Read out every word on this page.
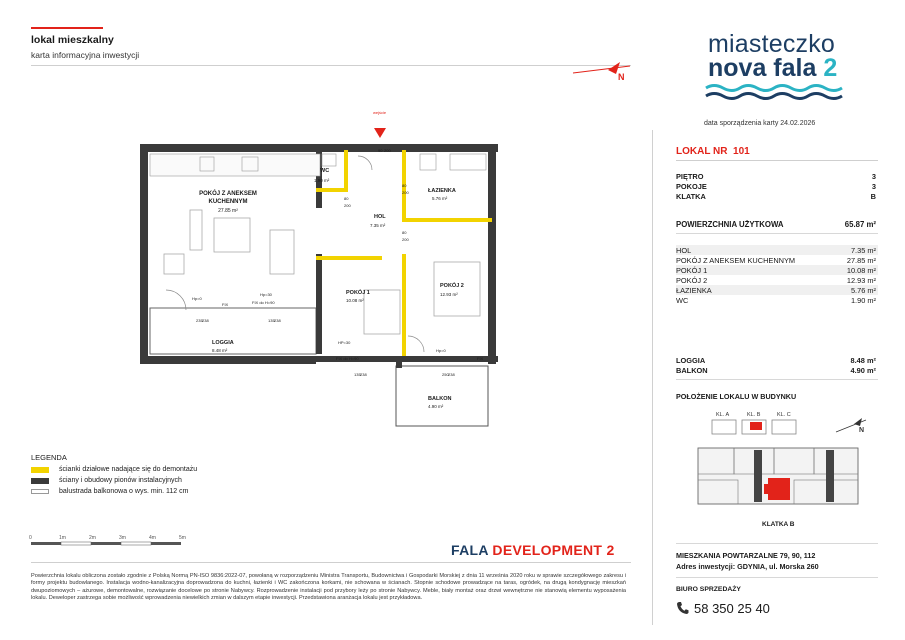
lokal mieszkalny
karta informacyjna inwestycji
N
miasteczko
nova fala 2
data sporządzenia karty 24.02.2026
LOKAL NR 101
PIĘTRO	3
POKOJE	3
KLATKA	B
POWIERZCHNIA UŻYTKOWA	65.87 m²
HOL	7.35 m²
POKÓJ Z ANEKSEM KUCHENNYM	27.85 m²
POKÓJ 1	10.08 m²
POKÓJ 2	12.93 m²
ŁAZIENKA	5.76 m²
WC	1.90 m²
LOGGIA	8.48 m²
BALKON	4.90 m²
POŁOŻENIE LOKALU W BUDYNKU
KL. A	KL. B	KL. C
N
KLATKA B
MIESZKANIA POWTARZALNE 79, 90, 112
Adres inwestycji: GDYNIA, ul. Morska 260
BIURO SPRZEDAŻY
58 350 25 40
wejście
POKÓJ Z ANEKSEM
KUCHENNYM
27.85 m²
WC
1.90 m²
ŁAZIENKA
5.76 m²
HOL
7.35 m²
POKÓJ 1
10.08 m²
POKÓJ 2
12.93 m²
LOGGIA
8.48 m²
BALKON
4.90 m²
Hp=0
Hp=30
FIX	FIX do H=90
Hp=0
FIX
HP=30
FIX do H=90
80
200
80
200
80
200
90 200
235 238	135 238
135 238	250 238
LEGENDA
ścianki działowe nadające się do demontażu
ściany i obudowy pionów instalacyjnych
balustrada balkonowa o wys. min. 112 cm
0	1m	2m	3m	4m	5m
FALA DEVELOPMENT 2
Powierzchnia lokalu obliczona zostało zgodnie z Polską Normą PN-ISO 9836:2022-07, powołaną w rozporządzeniu Ministra Transportu, Budownictwa i Gospodarki Morskiej z dnia 11 września 2020 roku w sprawie szczegółowego zakresu i formy projektu budowlanego. Instalacja wodno-kanalizacyjna doprowadzona do kuchni, łazienki i WC zakończona korkami, nie schowana w ścianach. Stopnie schodowe prowadzące na taras, ogródek, na drugą kondygnację mieszkań dwupoziomowych – ażurowe, demontowalne, rozwiązanie docelowe po stronie Nabywcy. Rozprowadzenie instalacji pod przybory leży po stronie Nabywcy. Meble, biały montaż oraz drzwi wewnętrzne nie stanowią elementu wyposażenia lokalu. Deweloper zastrzega sobie możliwość wprowadzenia niewielkich zmian w dalszym etapie inwestycji. Przedstawiona aranżacja lokalu jest przykładowa.
